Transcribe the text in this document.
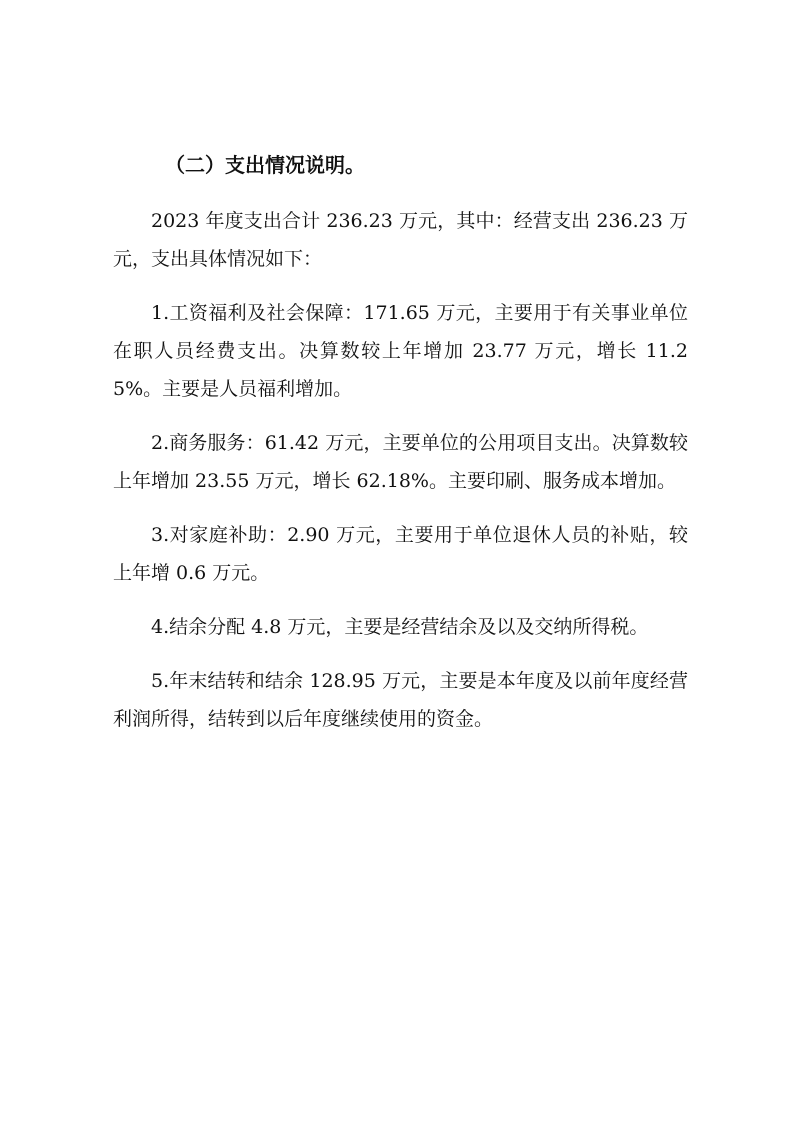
（二）支出情况说明。

2023 年度支出合计 236.23 万元，其中：经营支出 236.23 万元，支出具体情况如下：

1.工资福利及社会保障：171.65 万元，主要用于有关事业单位在职人员经费支出。决算数较上年增加 23.77 万元，增长 11.25%。主要是人员福利增加。

2.商务服务：61.42 万元，主要单位的公用项目支出。决算数较上年增加 23.55 万元，增长 62.18%。主要印刷、服务成本增加。

3.对家庭补助：2.90 万元，主要用于单位退休人员的补贴，较上年增 0.6 万元。

4.结余分配 4.8 万元，主要是经营结余及以及交纳所得税。

5.年末结转和结余 128.95 万元，主要是本年度及以前年度经营利润所得，结转到以后年度继续使用的资金。
